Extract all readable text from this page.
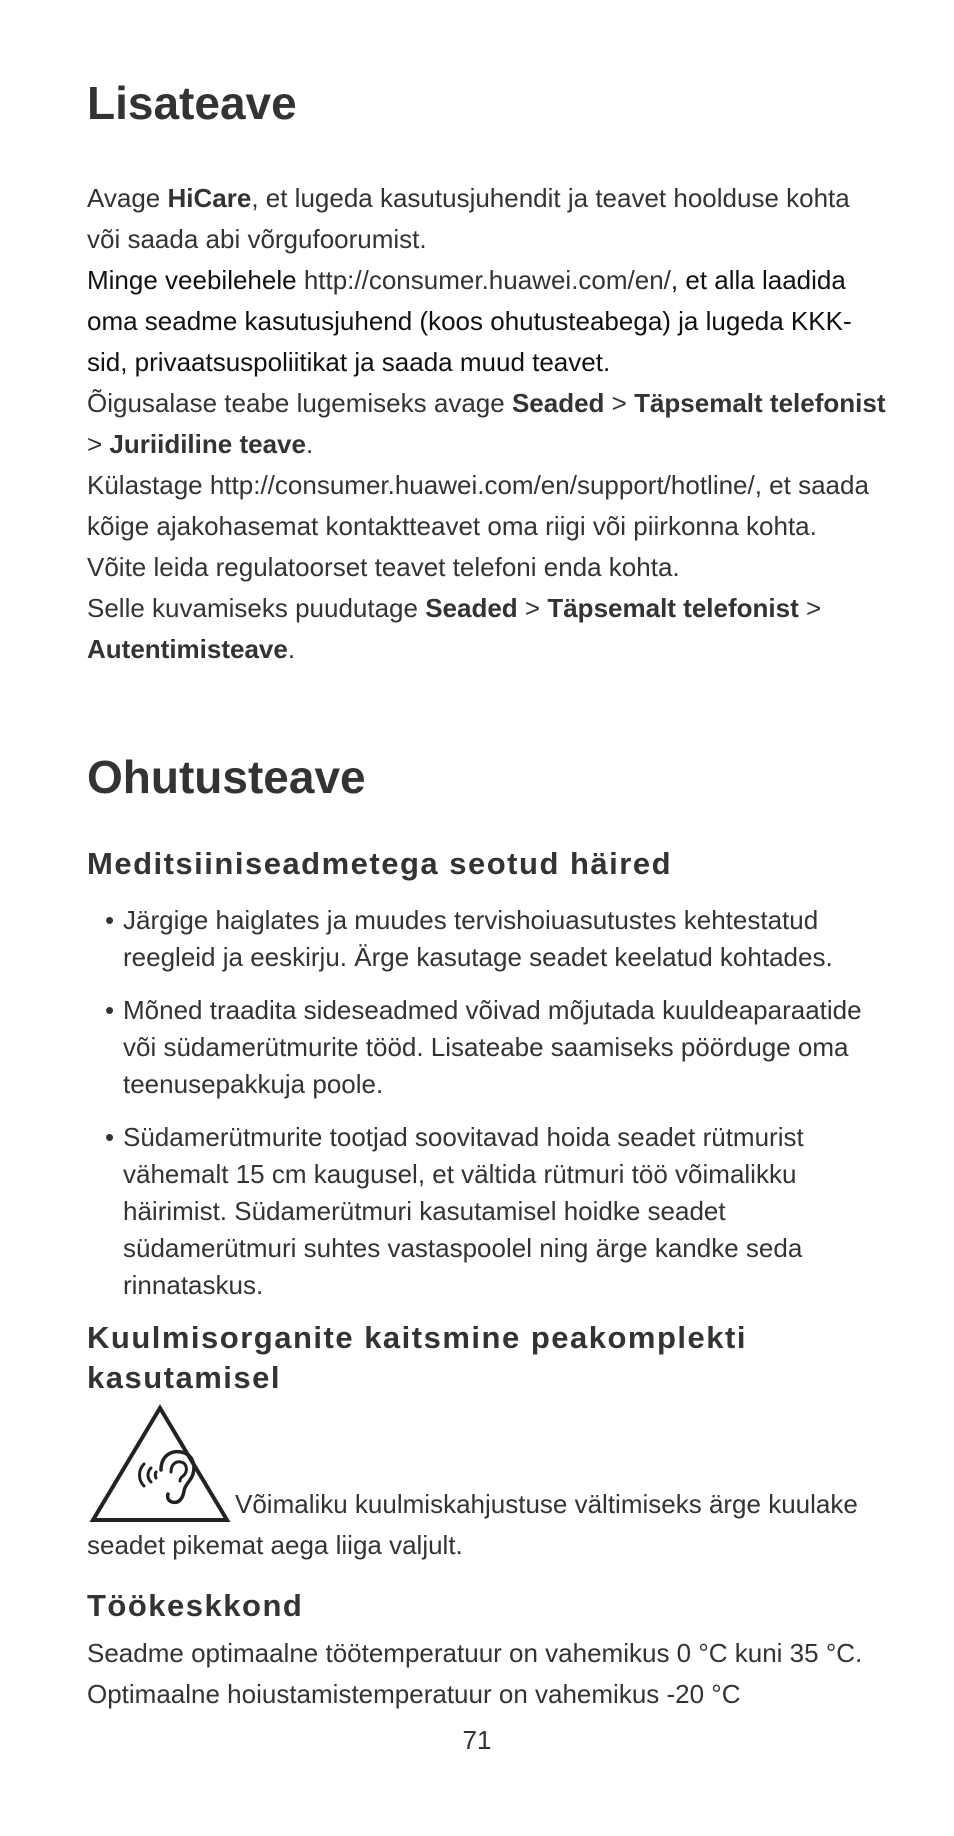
Lisateave

Avage HiCare, et lugeda kasutusjuhendit ja teavet hoolduse kohta või saada abi võrgufoorumist.

Minge veebilehele http://consumer.huawei.com/en/, et alla laadida oma seadme kasutusjuhend (koos ohutusteabega) ja lugeda KKK-sid, privaatsuspoliitikat ja saada muud teavet.

Õigusalase teabe lugemiseks avage Seaded > Täpsemalt telefonist > Juriidiline teave.

Külastage http://consumer.huawei.com/en/support/hotline/, et saada kõige ajakohasemat kontaktteavet oma riigi või piirkonna kohta.

Võite leida regulatoorset teavet telefoni enda kohta.

Selle kuvamiseks puudutage Seaded > Täpsemalt telefonist > Autentimisteave.

Ohutusteave
Meditsiiniseadmetega seotud häired
• Järgige haiglates ja muudes tervishoiuasutustes kehtestatud reegleid ja eeskirju. Ärge kasutage seadet keelatud kohtades.
• Mõned traadita sideseadmed võivad mõjutada kuuldeaparaatide või südamerütmurite tööd. Lisateabe saamiseks pöörduge oma teenusepakkuja poole.
• Südamerütmurite tootjad soovitavad hoida seadet rütmurist vähemalt 15 cm kaugusel, et vältida rütmuri töö võimalikku häirimist. Südamerütmuri kasutamisel hoidke seadet südamerütmuri suhtes vastaspoolel ning ärge kandke seda rinnataskus.
Kuulmisorganite kaitsmine peakomplekti kasutamisel

Võimaliku kuulmiskahjustuse vältimiseks ärge kuulake seadet pikemat aega liiga valjult.

Töökeskkond

Seadme optimaalne töötemperatuur on vahemikus 0 °C kuni 35 °C. Optimaalne hoiustamistemperatuur on vahemikus -20 °C

71
